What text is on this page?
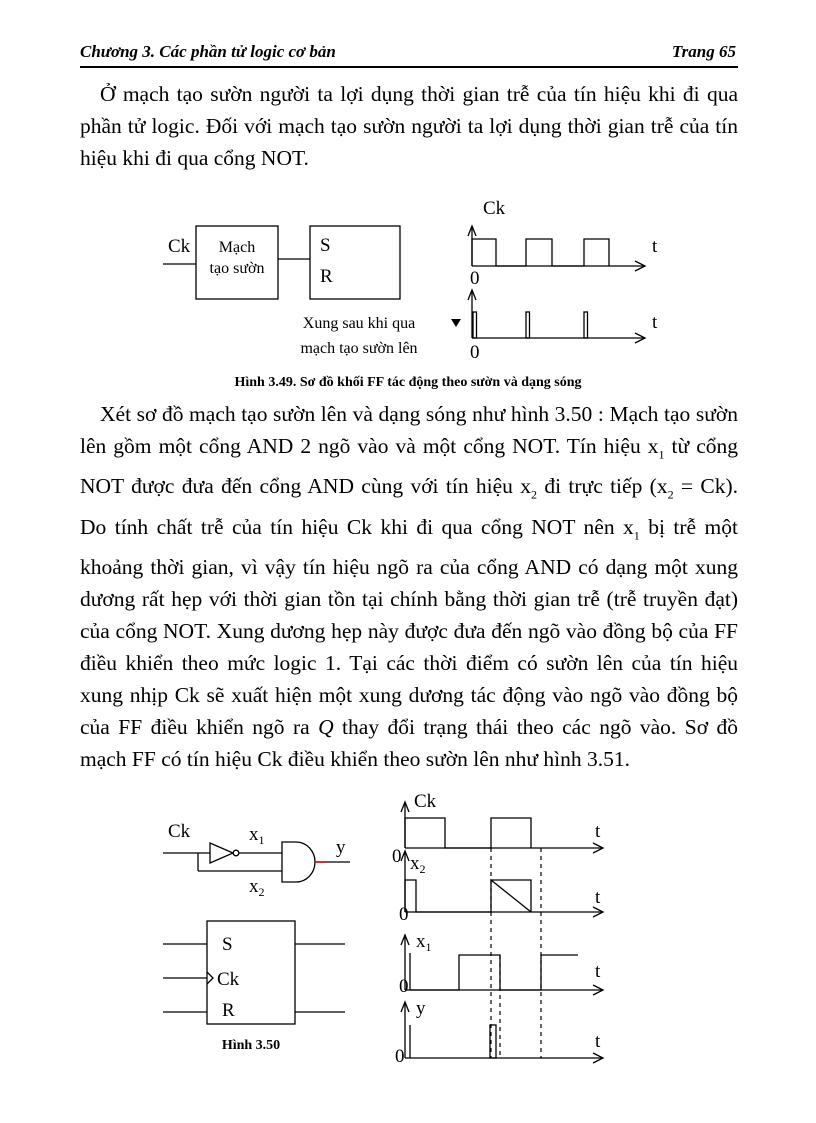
Chương 3. Các phần tử logic cơ bản	Trang 65
Ở mạch tạo sườn người ta lợi dụng thời gian trễ của tín hiệu khi đi qua phần tử logic. Đối với mạch tạo sườn người ta lợi dụng thời gian trễ của tín hiệu khi đi qua cổng NOT.
Ck	S
R
Ck
t
0
t
0
Mạch
tạo sườn
Xung sau khi qua
mạch tạo sườn lên
Hình 3.49. Sơ đồ khối FF tác động theo sườn và dạng sóng
Xét sơ đồ mạch tạo sườn lên và dạng sóng như hình 3.50 : Mạch tạo sườn lên gồm một cổng AND 2 ngõ vào và một cổng NOT. Tín hiệu $x_1$ từ cổng NOT được đưa đến cổng AND cùng với tín hiệu $x_2$ đi trực tiếp $(x_2 = Ck)$. Do tính chất trễ của tín hiệu Ck khi đi qua cổng NOT nên $x_1$ bị trễ một khoảng thời gian, vì vậy tín hiệu ngõ ra của cổng AND có dạng một xung dương rất hẹp với thời gian tồn tại chính bằng thời gian trễ (trễ truyền đạt) của cổng NOT. Xung dương hẹp này được đưa đến ngõ vào đồng bộ của FF điều khiển theo mức logic 1. Tại các thời điểm có sườn lên của tín hiệu xung nhịp Ck sẽ xuất hiện một xung dương tác động vào ngõ vào đồng bộ của FF điều khiển ngõ ra Q thay đổi trạng thái theo các ngõ vào. Sơ đồ mạch FF có tín hiệu Ck điều khiển theo sườn lên như hình 3.51.
Ck	$x_1$
$x_2$
y
S
Ck
R
Ck
$x_2$
$x_1$
y
t
t
t
t
0
0
0
0
Hình 3.50
